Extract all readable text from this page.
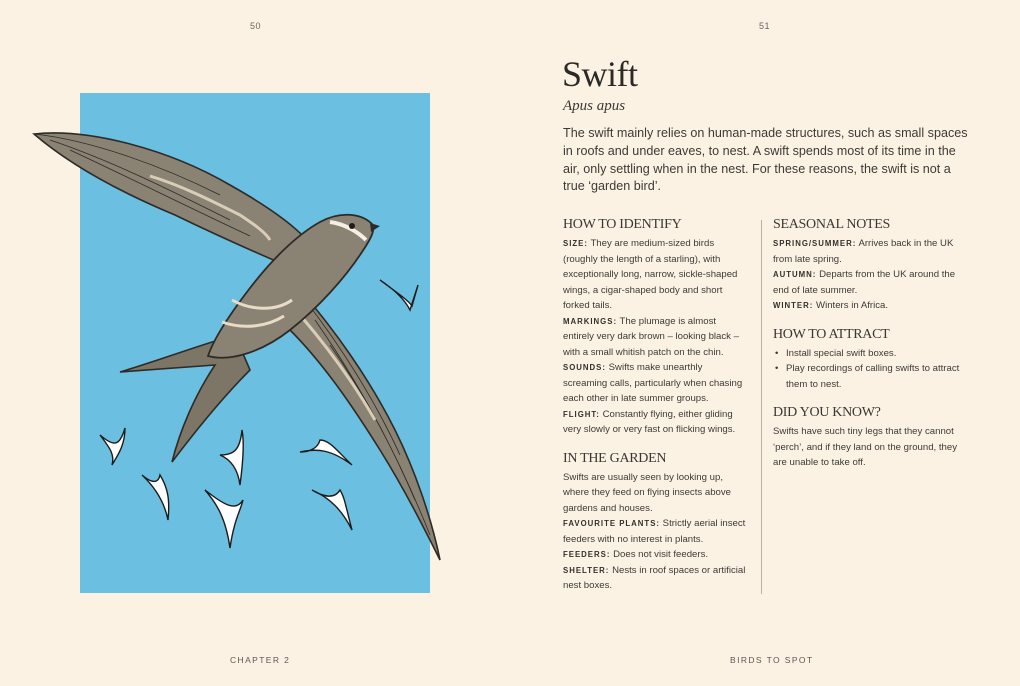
50	51
Swift
Apus apus

The swift mainly relies on human-made structures, such as small spaces in roofs and under eaves, to nest. A swift spends most of its time in the air, only settling when in the nest. For these reasons, the swift is not a true ‘garden bird’.

HOW TO IDENTIFY

SIZE: They are medium-sized birds (roughly the length of a starling), with exceptionally long, narrow, sickle-shaped wings, a cigar-shaped body and short forked tails.

MARKINGS: The plumage is almost entirely very dark brown – looking black – with a small whitish patch on the chin.

SOUNDS: Swifts make unearthly screaming calls, particularly when chasing each other in late summer groups.

FLIGHT: Constantly flying, either gliding very slowly or very fast on flicking wings.

IN THE GARDEN

Swifts are usually seen by looking up, where they feed on flying insects above gardens and houses.

FAVOURITE PLANTS: Strictly aerial insect feeders with no interest in plants.

FEEDERS: Does not visit feeders.

SHELTER: Nests in roof spaces or artificial nest boxes.

SEASONAL NOTES

SPRING/SUMMER: Arrives back in the UK from late spring.

AUTUMN: Departs from the UK around the end of late summer.

WINTER: Winters in Africa.

HOW TO ATTRACT
• Install special swift boxes.
• Play recordings of calling swifts to attract them to nest.
DID YOU KNOW?

Swifts have such tiny legs that they cannot ‘perch’, and if they land on the ground, they are unable to take off.

CHAPTER 2	BIRDS TO SPOT
